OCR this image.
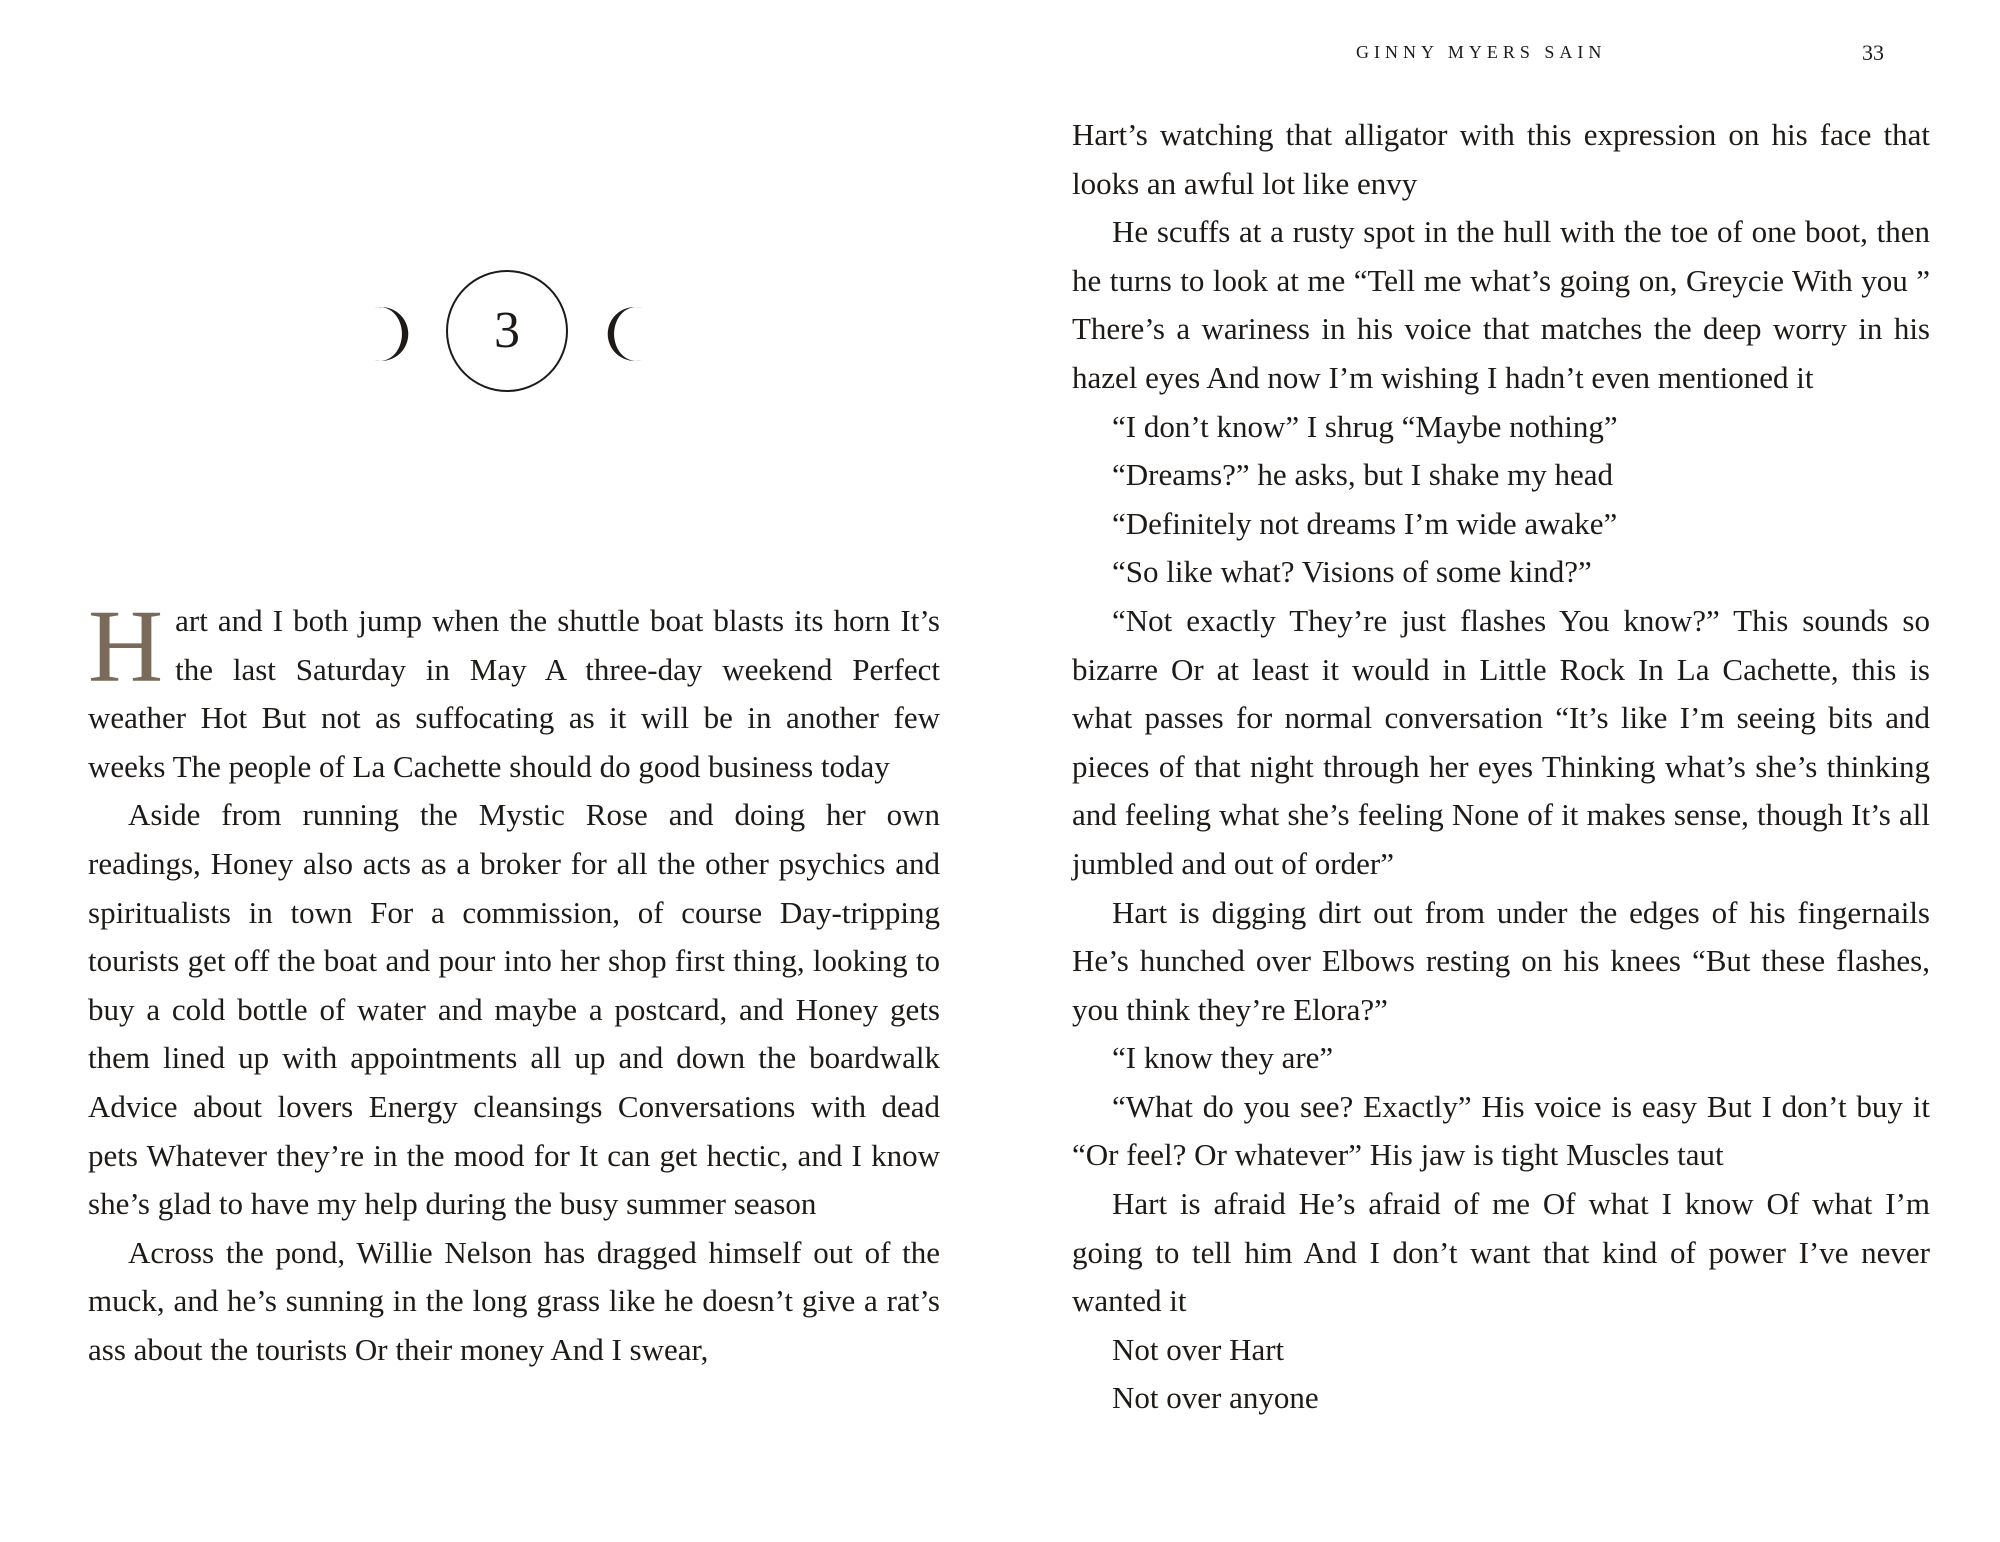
3

Hart and I both jump when the shuttle boat blasts its horn It’s the last Saturday in May A three-day weekend Perfect weather Hot But not as suffocating as it will be in another few weeks The people of La Cachette should do good business today

Aside from running the Mystic Rose and doing her own readings, Honey also acts as a broker for all the other psychics and spiritualists in town For a commission, of course Day-tripping tourists get off the boat and pour into her shop first thing, looking to buy a cold bottle of water and maybe a postcard, and Honey gets them lined up with appointments all up and down the boardwalk Advice about lovers Energy cleansings Conversations with dead pets Whatever they’re in the mood for It can get hectic, and I know she’s glad to have my help during the busy summer season

Across the pond, Willie Nelson has dragged himself out of the muck, and he’s sunning in the long grass like he doesn’t give a rat’s ass about the tourists Or their money And I swear,

GINNY MYERS SAIN	33

Hart’s watching that alligator with this expression on his face that looks an awful lot like envy

He scuffs at a rusty spot in the hull with the toe of one boot, then he turns to look at me “Tell me what’s going on, Greycie With you ” There’s a wariness in his voice that matches the deep worry in his hazel eyes And now I’m wishing I hadn’t even mentioned it

“I don’t know” I shrug “Maybe nothing”

“Dreams?” he asks, but I shake my head

“Definitely not dreams I’m wide awake”

“So like what? Visions of some kind?”

“Not exactly They’re just flashes You know?” This sounds so bizarre Or at least it would in Little Rock In La Cachette, this is what passes for normal conversation “It’s like I’m seeing bits and pieces of that night through her eyes Thinking what’s she’s thinking and feeling what she’s feeling None of it makes sense, though It’s all jumbled and out of order”

Hart is digging dirt out from under the edges of his fingernails He’s hunched over Elbows resting on his knees “But these flashes, you think they’re Elora?”

“I know they are”

“What do you see? Exactly” His voice is easy But I don’t buy it “Or feel? Or whatever” His jaw is tight Muscles taut

Hart is afraid He’s afraid of me Of what I know Of what I’m going to tell him And I don’t want that kind of power I’ve never wanted it

Not over Hart

Not over anyone
